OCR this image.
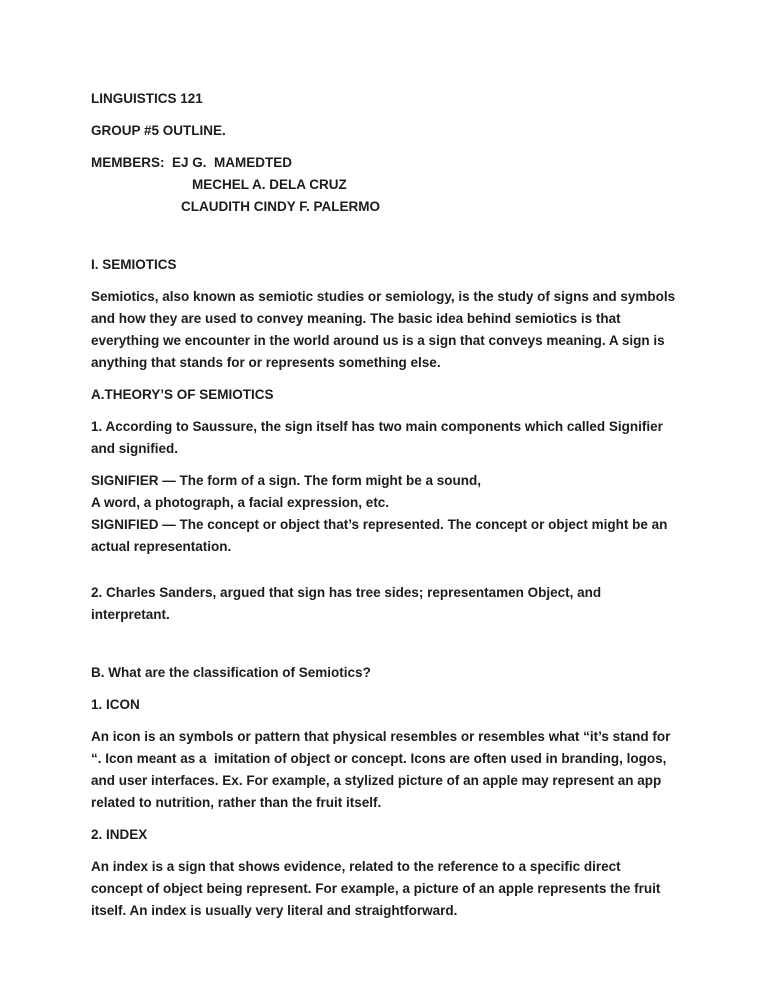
LINGUISTICS 121
GROUP #5 OUTLINE.
MEMBERS:  EJ G.  MAMEDTED
MECHEL A. DELA CRUZ
CLAUDITH CINDY F. PALERMO
I. SEMIOTICS
Semiotics, also known as semiotic studies or semiology, is the study of signs and symbols and how they are used to convey meaning. The basic idea behind semiotics is that everything we encounter in the world around us is a sign that conveys meaning. A sign is anything that stands for or represents something else.
A.THEORY’S OF SEMIOTICS
1. According to Saussure, the sign itself has two main components which called Signifier and signified.
SIGNIFIER — The form of a sign. The form might be a sound,
A word, a photograph, a facial expression, etc.
SIGNIFIED — The concept or object that’s represented. The concept or object might be an actual representation.
2. Charles Sanders, argued that sign has tree sides; representamen Object, and interpretant.
B. What are the classification of Semiotics?
1. ICON
An icon is an symbols or pattern that physical resembles or resembles what “it’s stand for “. Icon meant as a  imitation of object or concept. Icons are often used in branding, logos, and user interfaces. Ex. For example, a stylized picture of an apple may represent an app related to nutrition, rather than the fruit itself.
2. INDEX
An index is a sign that shows evidence, related to the reference to a specific direct concept of object being represent. For example, a picture of an apple represents the fruit itself. An index is usually very literal and straightforward.
